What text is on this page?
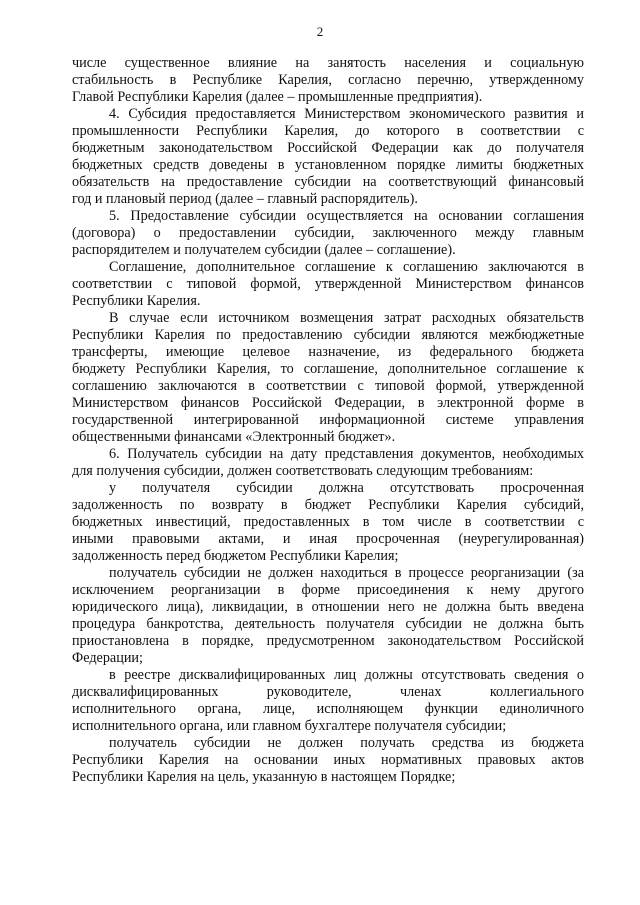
2
числе существенное влияние на занятость населения и социальную
стабильность в Республике Карелия, согласно перечню, утвержденному
Главой Республики Карелия (далее – промышленные предприятия).
4. Субсидия предоставляется Министерством экономического развития и
промышленности Республики Карелия, до которого в соответствии с
бюджетным законодательством Российской Федерации как до получателя
бюджетных средств доведены в установленном порядке лимиты бюджетных
обязательств на предоставление субсидии на соответствующий финансовый
год и плановый период (далее – главный распорядитель).
5. Предоставление субсидии осуществляется на основании соглашения
(договора) о предоставлении субсидии, заключенного между главным
распорядителем и получателем субсидии (далее – соглашение).
Соглашение, дополнительное соглашение к соглашению заключаются в
соответствии с типовой формой, утвержденной Министерством финансов
Республики Карелия.
В случае если источником возмещения затрат расходных обязательств
Республики Карелия по предоставлению субсидии являются межбюджетные
трансферты, имеющие целевое назначение, из федерального бюджета
бюджету Республики Карелия, то соглашение, дополнительное соглашение к
соглашению заключаются в соответствии с типовой формой, утвержденной
Министерством финансов Российской Федерации, в электронной форме в
государственной интегрированной информационной системе управления
общественными финансами «Электронный бюджет».
6. Получатель субсидии на дату представления документов, необходимых
для получения субсидии, должен соответствовать следующим требованиям:
у получателя субсидии должна отсутствовать просроченная
задолженность по возврату в бюджет Республики Карелия субсидий,
бюджетных инвестиций, предоставленных в том числе в соответствии с
иными правовыми актами, и иная просроченная (неурегулированная)
задолженность перед бюджетом Республики Карелия;
получатель субсидии не должен находиться в процессе реорганизации (за
исключением реорганизации в форме присоединения к нему другого
юридического лица), ликвидации, в отношении него не должна быть введена
процедура банкротства, деятельность получателя субсидии не должна быть
приостановлена в порядке, предусмотренном законодательством Российской
Федерации;
в реестре дисквалифицированных лиц должны отсутствовать сведения о
дисквалифицированных руководителе, членах коллегиального
исполнительного органа, лице, исполняющем функции единоличного
исполнительного органа, или главном бухгалтере получателя субсидии;
получатель субсидии не должен получать средства из бюджета
Республики Карелия на основании иных нормативных правовых актов
Республики Карелия на цель, указанную в настоящем Порядке;
